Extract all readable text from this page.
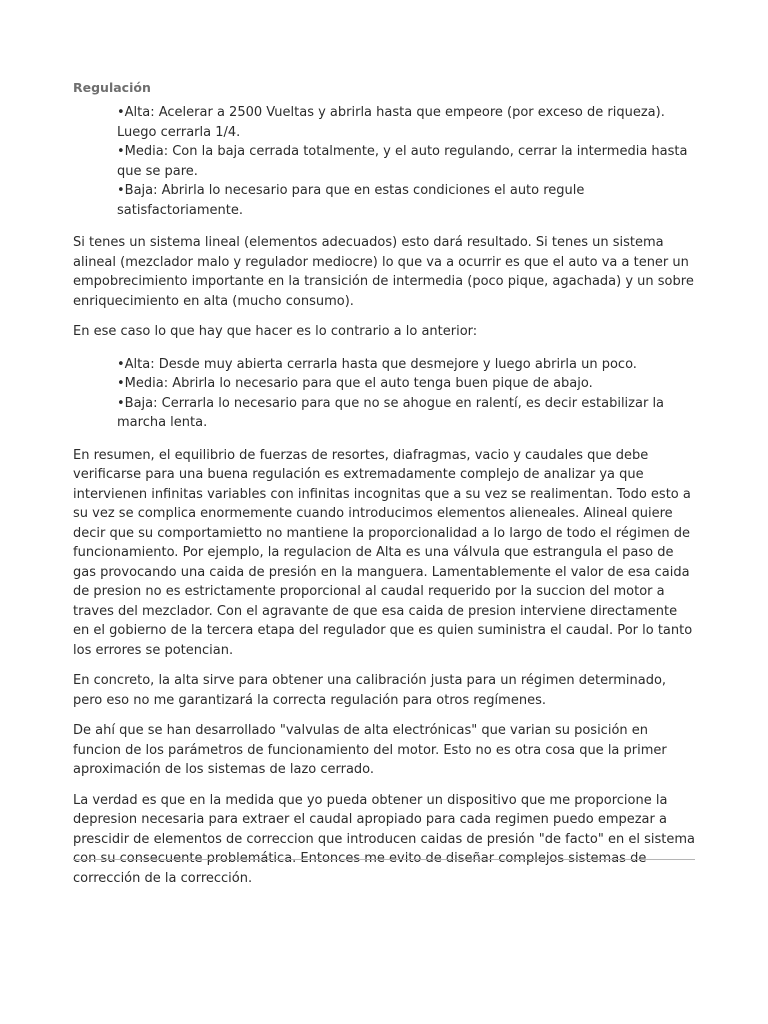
Regulación
•Alta: Acelerar a 2500 Vueltas y abrirla hasta que empeore (por exceso de riqueza). Luego cerrarla 1/4.
•Media: Con la baja cerrada totalmente, y el auto regulando, cerrar la intermedia hasta que se pare.
•Baja: Abrirla lo necesario para que en estas condiciones el auto regule satisfactoriamente.

Si tenes un sistema lineal (elementos adecuados) esto dará resultado. Si tenes un sistema alineal (mezclador malo y regulador mediocre) lo que va a ocurrir es que el auto va a tener un empobrecimiento importante en la transición de intermedia (poco pique, agachada) y un sobre enriquecimiento en alta (mucho consumo).

En ese caso lo que hay que hacer es lo contrario a lo anterior:

•Alta: Desde muy abierta cerrarla hasta que desmejore y luego abrirla un poco.
•Media: Abrirla lo necesario para que el auto tenga buen pique de abajo.
•Baja: Cerrarla lo necesario para que no se ahogue en ralentí, es decir estabilizar la marcha lenta.

En resumen, el equilibrio de fuerzas de resortes, diafragmas, vacio y caudales que debe verificarse para una buena regulación es extremadamente complejo de analizar ya que intervienen infinitas variables con infinitas incognitas que a su vez se realimentan. Todo esto a su vez se complica enormemente cuando introducimos elementos alieneales. Alineal quiere decir que su comportamietto no mantiene la proporcionalidad a lo largo de todo el régimen de funcionamiento. Por ejemplo, la regulacion de Alta es una válvula que estrangula el paso de gas provocando una caida de presión en la manguera. Lamentablemente el valor de esa caida de presion no es estrictamente proporcional al caudal requerido por la succion del motor a traves del mezclador. Con el agravante de que esa caida de presion interviene directamente en el gobierno de la tercera etapa del regulador que es quien suministra el caudal. Por lo tanto los errores se potencian.

En concreto, la alta sirve para obtener una calibración justa para un régimen determinado, pero eso no me garantizará la correcta regulación para otros regímenes.

De ahí que se han desarrollado "valvulas de alta electrónicas" que varian su posición en funcion de los parámetros de funcionamiento del motor. Esto no es otra cosa que la primer aproximación de los sistemas de lazo cerrado.

La verdad es que en la medida que yo pueda obtener un dispositivo que me proporcione la depresion necesaria para extraer el caudal apropiado para cada regimen puedo empezar a prescidir de elementos de correccion que introducen caidas de presión "de facto" en el sistema con su consecuente problemática. Entonces me evito de diseñar complejos sistemas de corrección de la corrección.
